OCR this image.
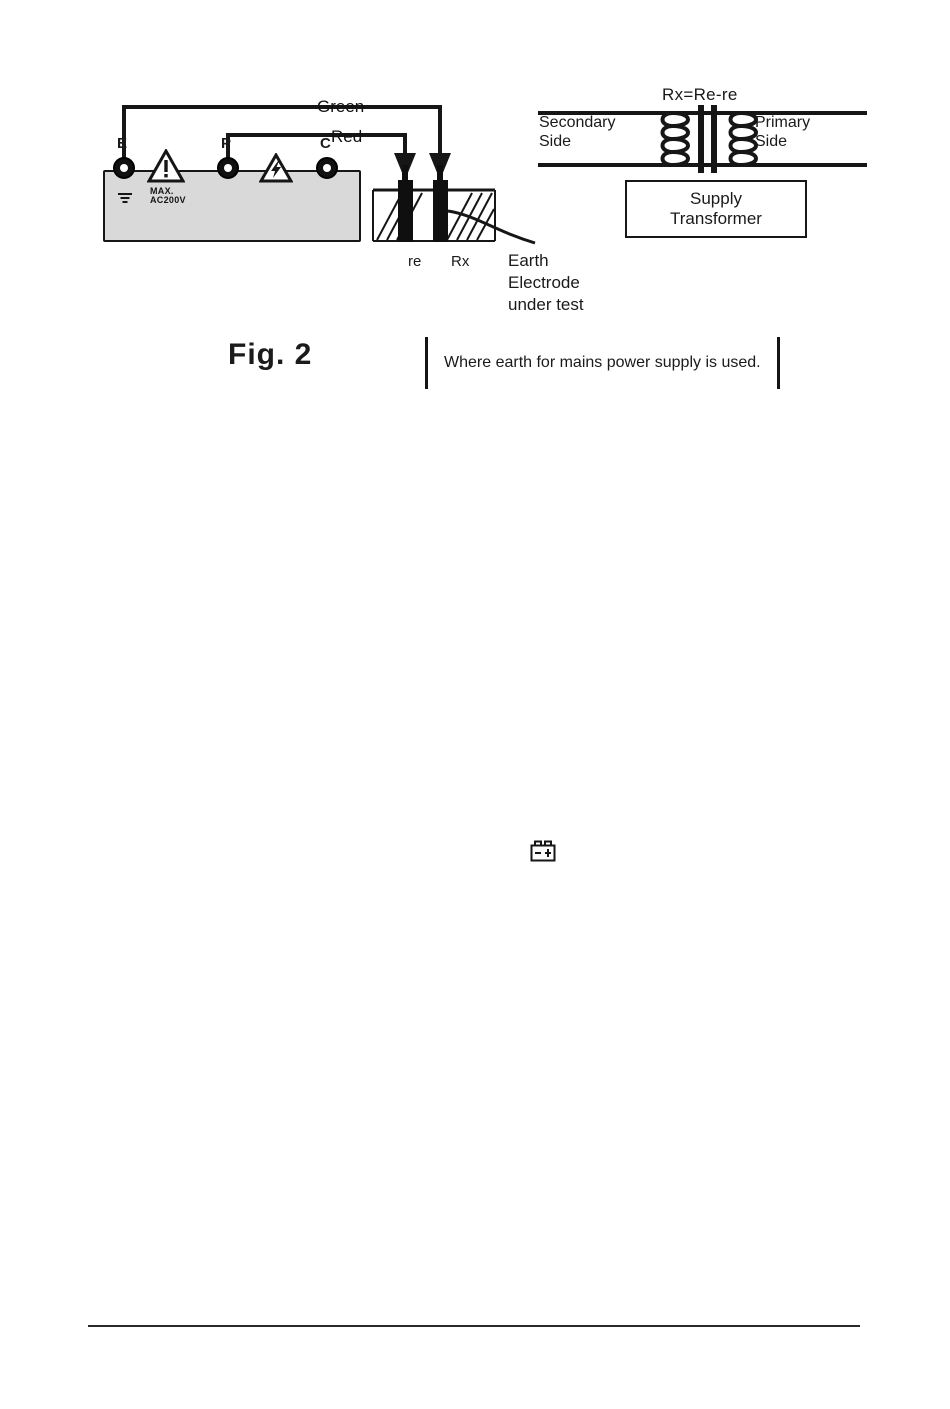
Rx=Re-re
Secondary
Side
Primary
Side
Supply
Transformer
E	P	C
MAX.
AC200V
Green
Red
re Rx Earth
Electrode
under test
Fig. 2	Where earth for mains power supply is used.
